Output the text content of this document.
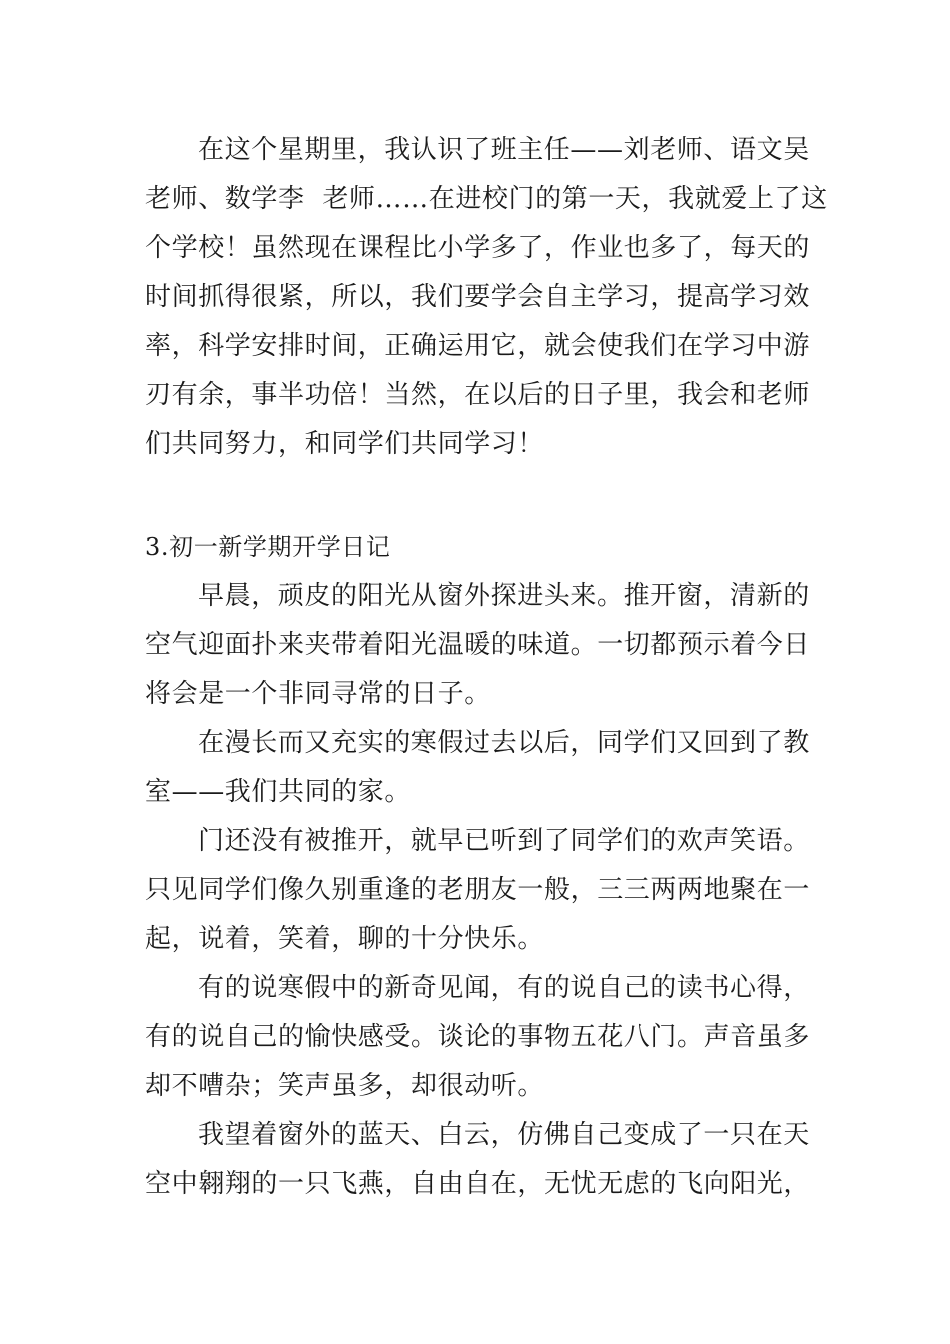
在这个星期里，我认识了班主任——刘老师、语文吴
老师、数学李  老师……在进校门的第一天，我就爱上了这
个学校！虽然现在课程比小学多了，作业也多了，每天的
时间抓得很紧，所以，我们要学会自主学习，提高学习效
率，科学安排时间，正确运用它，就会使我们在学习中游
刃有余，事半功倍！当然，在以后的日子里，我会和老师
们共同努力，和同学们共同学习！
3.初一新学期开学日记
早晨，顽皮的阳光从窗外探进头来。推开窗，清新的
空气迎面扑来夹带着阳光温暖的味道。一切都预示着今日
将会是一个非同寻常的日子。
在漫长而又充实的寒假过去以后，同学们又回到了教
室——我们共同的家。
门还没有被推开，就早已听到了同学们的欢声笑语。
只见同学们像久别重逢的老朋友一般，三三两两地聚在一
起，说着，笑着，聊的十分快乐。
有的说寒假中的新奇见闻，有的说自己的读书心得，
有的说自己的愉快感受。谈论的事物五花八门。声音虽多
却不嘈杂；笑声虽多，却很动听。
我望着窗外的蓝天、白云，仿佛自己变成了一只在天
空中翱翔的一只飞燕，自由自在，无忧无虑的飞向阳光，
